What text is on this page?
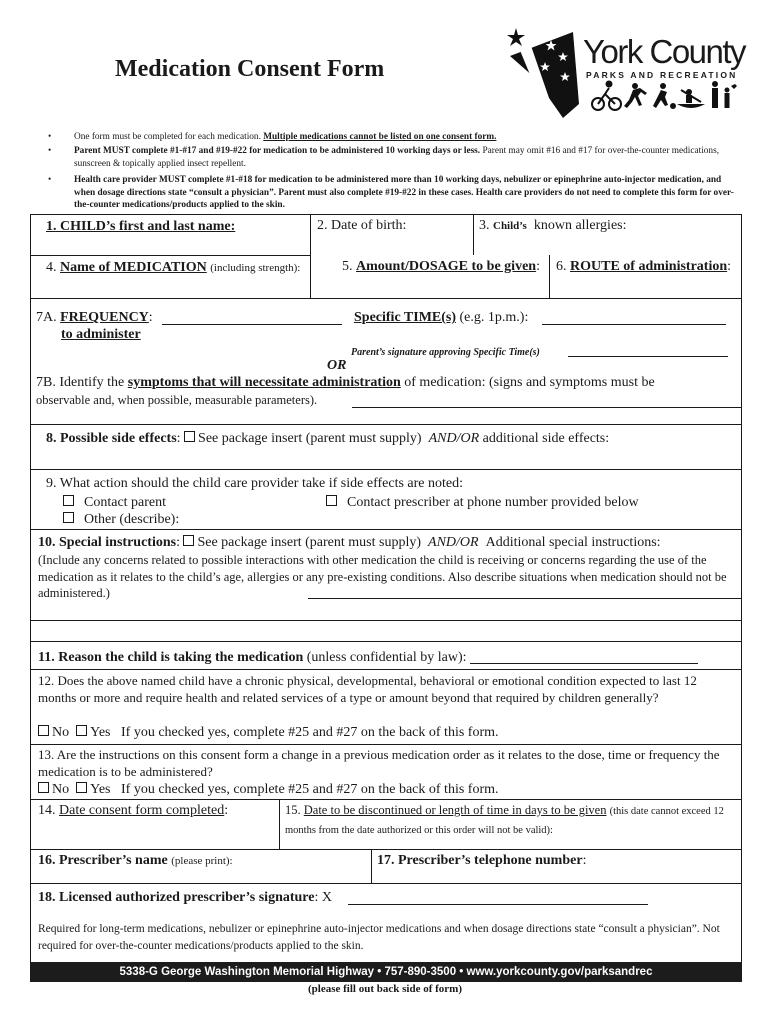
Medication Consent Form	York County
PARKS AND RECREATION
• One form must be completed for each medication. Multiple medications cannot be listed on one consent form.
• Parent MUST complete #1-#17 and #19-#22 for medication to be administered 10 working days or less. Parent may omit #16 and #17 for over-the-counter medications, sunscreen & topically applied insect repellent.
• Health care provider MUST complete #1-#18 for medication to be administered more than 10 working days, nebulizer or epinephrine auto-injector medication, and when dosage directions state “consult a physician”. Parent must also complete #19-#22 in these cases. Health care providers do not need to complete this form for over-the-counter medications/products applied to the skin.
1. CHILD’s first and last name:	2. Date of birth:	3. Child’s known allergies:
4. Name of MEDICATION (including strength):	5. Amount/DOSAGE to be given: 6. ROUTE of administration:
7A. FREQUENCY:
to administer
Specific TIME(s) (e.g. 1p.m.):
Parent’s signature approving Specific Time(s)
OR
7B. Identify the symptoms that will necessitate administration of medication: (signs and symptoms must be
observable and, when possible, measurable parameters).
8. Possible side effects: See package insert (parent must supply) AND/OR additional side effects:
9. What action should the child care provider take if side effects are noted:
Contact parent	Contact prescriber at phone number provided below
Other (describe):
10. Special instructions: See package insert (parent must supply) AND/OR Additional special instructions:
(Include any concerns related to possible interactions with other medication the child is receiving or concerns regarding the use of the medication as it relates to the child’s age, allergies or any pre-existing conditions. Also describe situations when medication should not be administered.)
11. Reason the child is taking the medication (unless confidential by law):
12. Does the above named child have a chronic physical, developmental, behavioral or emotional condition expected to last 12 months or more and require health and related services of a type or amount beyond that required by children generally?
No Yes If you checked yes, complete #25 and #27 on the back of this form.
13. Are the instructions on this consent form a change in a previous medication order as it relates to the dose, time or frequency the medication is to be administered?
No Yes If you checked yes, complete #25 and #27 on the back of this form.
14. Date consent form completed:	15. Date to be discontinued or length of time in days to be given (this date cannot exceed 12 months from the date authorized or this order will not be valid):
16. Prescriber’s name (please print):	17. Prescriber’s telephone number:
18. Licensed authorized prescriber’s signature: X
Required for long-term medications, nebulizer or epinephrine auto-injector medications and when dosage directions state “consult a physician”. Not required for over-the-counter medications/products applied to the skin.
5338-G George Washington Memorial Highway • 757-890-3500 • www.yorkcounty.gov/parksandrec
(please fill out back side of form)
